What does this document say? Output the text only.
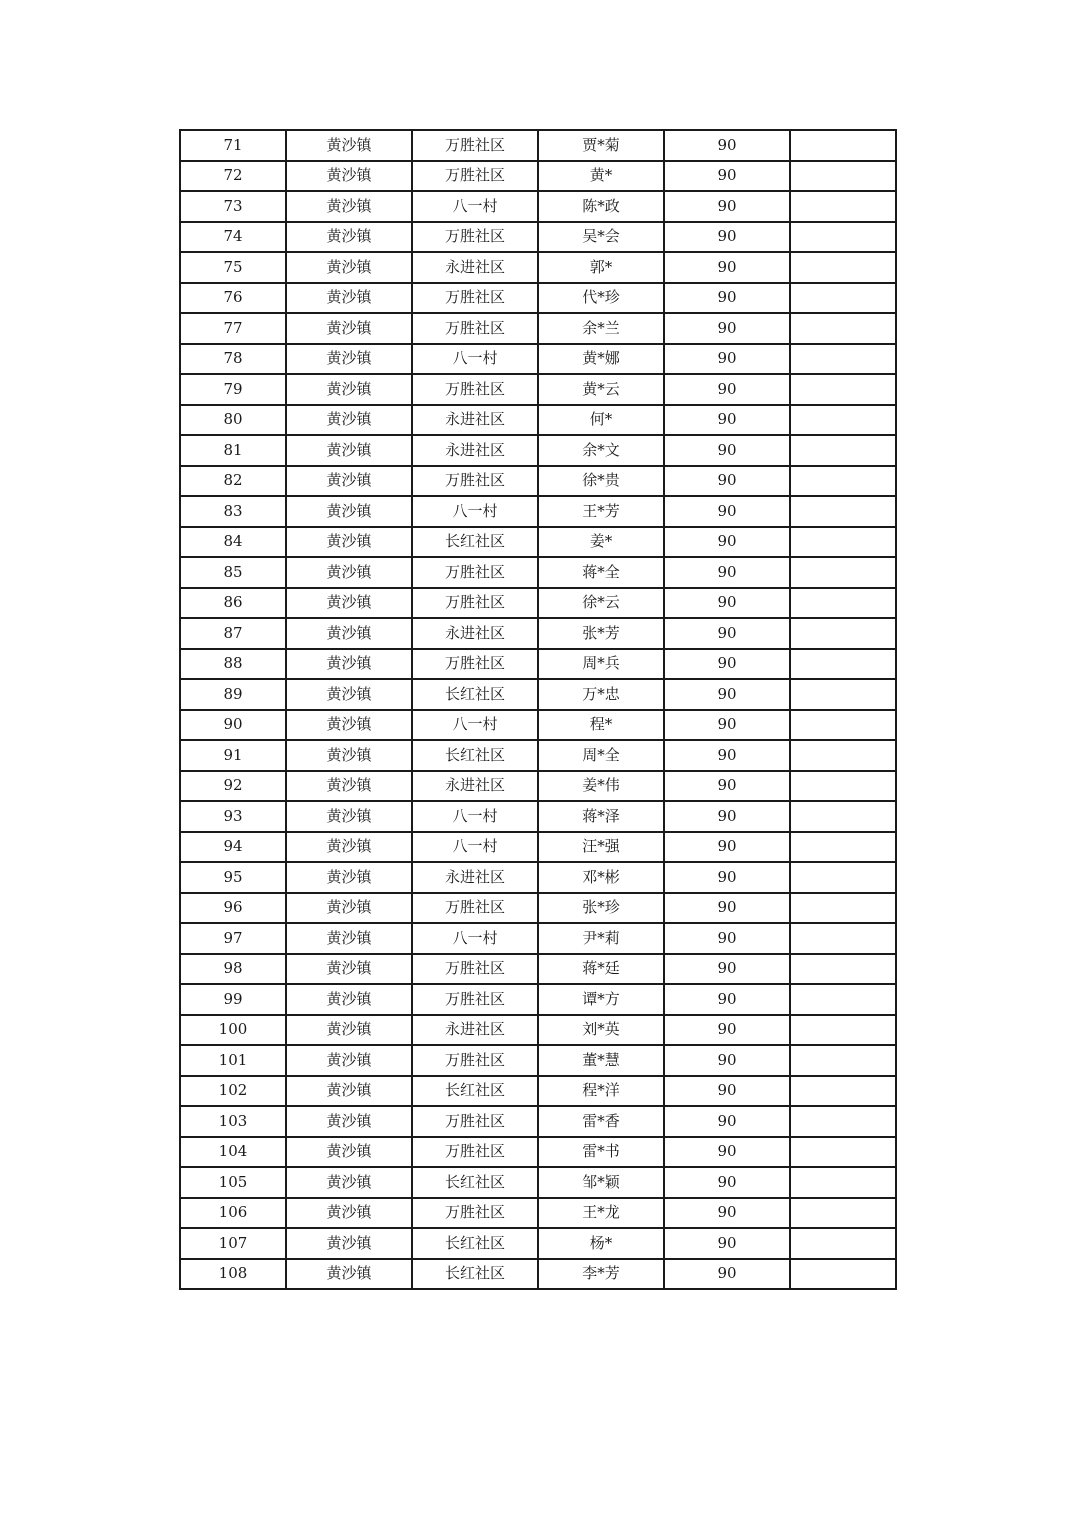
71	黄沙镇	万胜社区	贾*菊	90	
72	黄沙镇	万胜社区	黄*	90	
73	黄沙镇	八一村	陈*政	90	
74	黄沙镇	万胜社区	吴*会	90	
75	黄沙镇	永进社区	郭*	90	
76	黄沙镇	万胜社区	代*珍	90	
77	黄沙镇	万胜社区	余*兰	90	
78	黄沙镇	八一村	黄*娜	90	
79	黄沙镇	万胜社区	黄*云	90	
80	黄沙镇	永进社区	何*	90	
81	黄沙镇	永进社区	余*文	90	
82	黄沙镇	万胜社区	徐*贵	90	
83	黄沙镇	八一村	王*芳	90	
84	黄沙镇	长红社区	姜*	90	
85	黄沙镇	万胜社区	蒋*全	90	
86	黄沙镇	万胜社区	徐*云	90	
87	黄沙镇	永进社区	张*芳	90	
88	黄沙镇	万胜社区	周*兵	90	
89	黄沙镇	长红社区	万*忠	90	
90	黄沙镇	八一村	程*	90	
91	黄沙镇	长红社区	周*全	90	
92	黄沙镇	永进社区	姜*伟	90	
93	黄沙镇	八一村	蒋*泽	90	
94	黄沙镇	八一村	汪*强	90	
95	黄沙镇	永进社区	邓*彬	90	
96	黄沙镇	万胜社区	张*珍	90	
97	黄沙镇	八一村	尹*莉	90	
98	黄沙镇	万胜社区	蒋*廷	90	
99	黄沙镇	万胜社区	谭*方	90	
100	黄沙镇	永进社区	刘*英	90	
101	黄沙镇	万胜社区	董*慧	90	
102	黄沙镇	长红社区	程*洋	90	
103	黄沙镇	万胜社区	雷*香	90	
104	黄沙镇	万胜社区	雷*书	90	
105	黄沙镇	长红社区	邹*颖	90	
106	黄沙镇	万胜社区	王*龙	90	
107	黄沙镇	长红社区	杨*	90	
108	黄沙镇	长红社区	李*芳	90	
